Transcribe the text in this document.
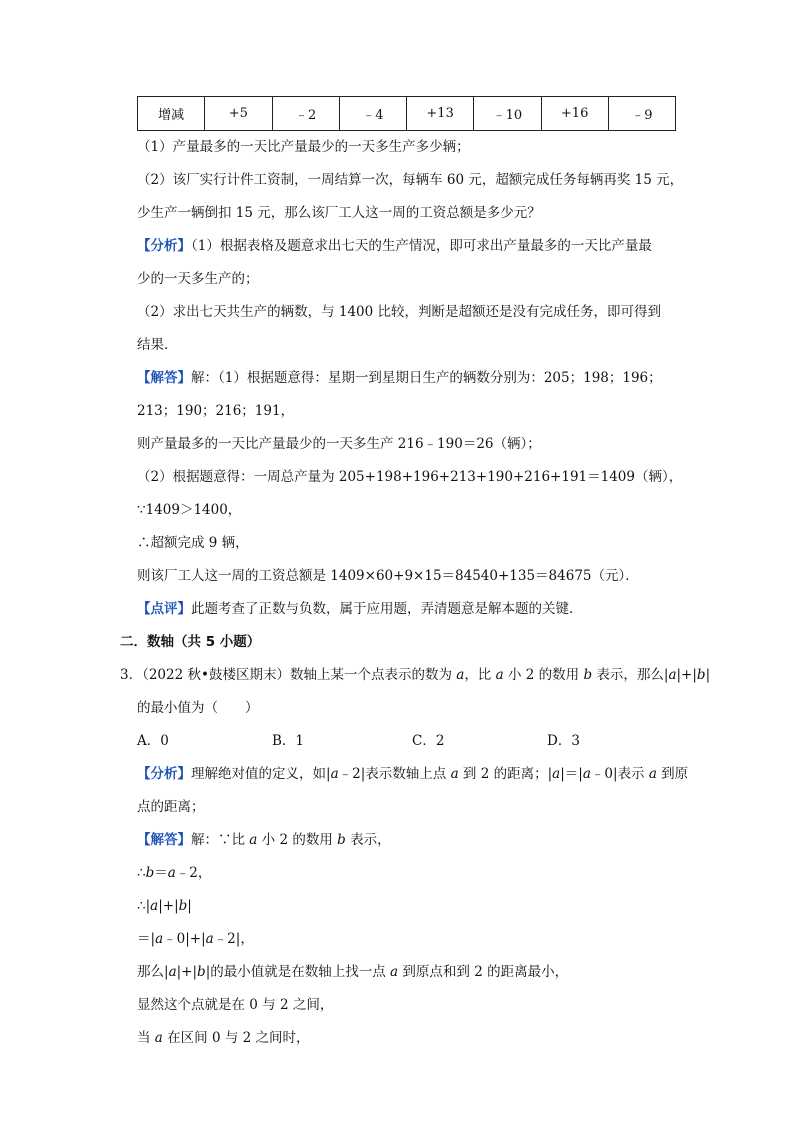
增减	+5	﹣2	﹣4	+13	﹣10	+16	﹣9
（1）产量最多的一天比产量最少的一天多生产多少辆；
（2）该厂实行计件工资制，一周结算一次，每辆车 60 元，超额完成任务每辆再奖 15 元，
少生产一辆倒扣 15 元，那么该厂工人这一周的工资总额是多少元？
【分析】（1）根据表格及题意求出七天的生产情况，即可求出产量最多的一天比产量最
少的一天多生产的；
（2）求出七天共生产的辆数，与 1400 比较，判断是超额还是没有完成任务，即可得到
结果．
【解答】解：（1）根据题意得：星期一到星期日生产的辆数分别为：205；198；196；
213；190；216；191，
则产量最多的一天比产量最少的一天多生产 216﹣190＝26（辆）；
（2）根据题意得：一周总产量为 205+198+196+213+190+216+191＝1409（辆），
∵1409＞1400，
∴超额完成 9 辆，
则该厂工人这一周的工资总额是 1409×60+9×15＝84540+135＝84675（元）．
【点评】此题考查了正数与负数，属于应用题，弄清题意是解本题的关键．
二．数轴（共 5 小题）
3．（2022 秋•鼓楼区期末）数轴上某一个点表示的数为 a，比 a 小 2 的数用 b 表示，那么|a|+|b|
的最小值为（　　）
A．0	B．1	C．2	D．3
【分析】理解绝对值的定义，如|a﹣2|表示数轴上点 a 到 2 的距离；|a|＝|a﹣0|表示 a 到原
点的距离；
【解答】解：∵比 a 小 2 的数用 b 表示，
∴b＝a﹣2，
∴|a|+|b|
＝|a﹣0|+|a﹣2|，
那么|a|+|b|的最小值就是在数轴上找一点 a 到原点和到 2 的距离最小，
显然这个点就是在 0 与 2 之间，
当 a 在区间 0 与 2 之间时，
